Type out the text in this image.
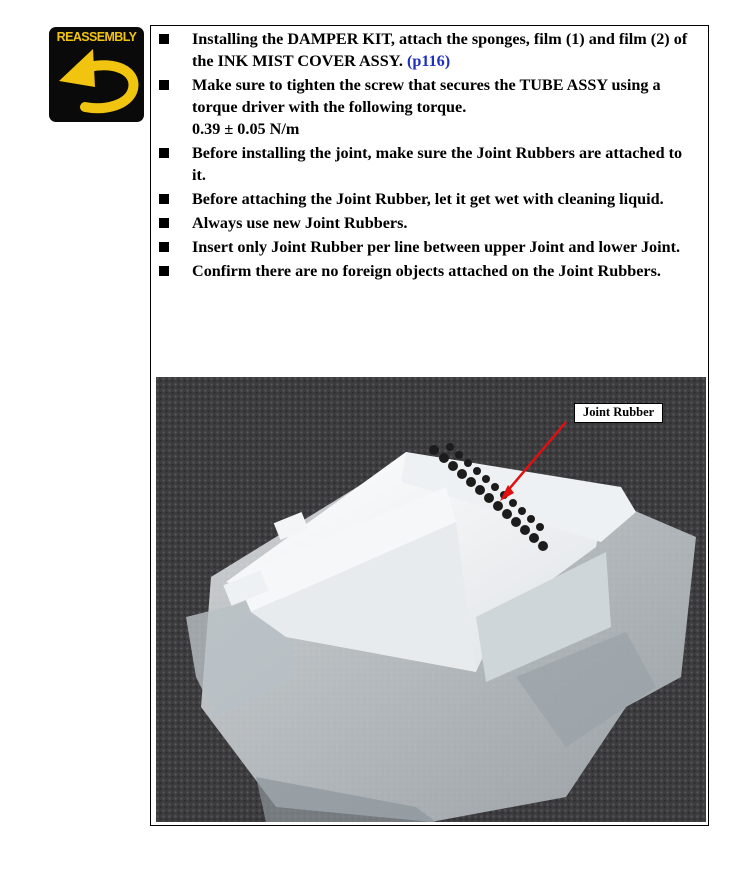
REASSEMBLY	Installing the DAMPER KIT, attach the sponges, film (1) and film (2) of the INK MIST COVER ASSY. (p116)
Make sure to tighten the screw that secures the TUBE ASSY using a torque driver with the following torque.
0.39 ± 0.05 N/m
Before installing the joint, make sure the Joint Rubbers are attached to it.
Before attaching the Joint Rubber, let it get wet with cleaning liquid.
Always use new Joint Rubbers.
Insert only Joint Rubber per line between upper Joint and lower Joint.
Confirm there are no foreign objects attached on the Joint Rubbers.
Joint Rubber
